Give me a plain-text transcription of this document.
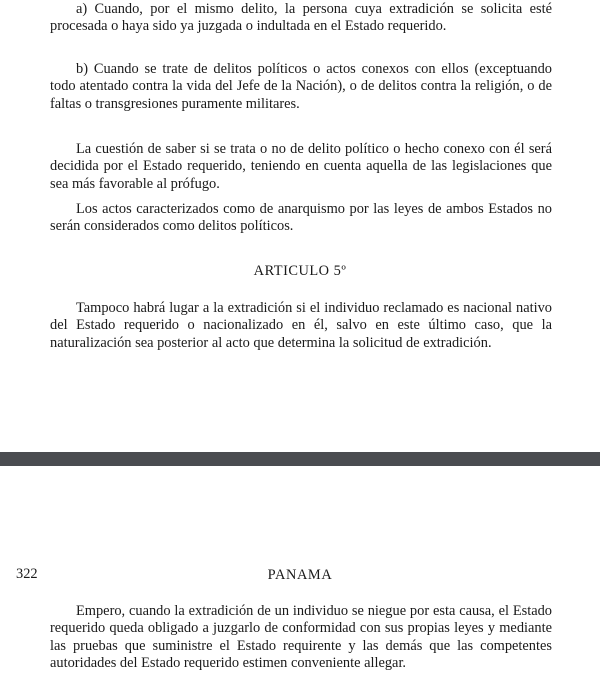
a) Cuando, por el mismo delito, la persona cuya extradición se solicita esté procesada o haya sido ya juzgada o indultada en el Estado requerido.

b) Cuando se trate de delitos políticos o actos conexos con ellos (exceptuando todo atentado contra la vida del Jefe de la Nación), o de delitos contra la religión, o de faltas o transgresiones puramente militares.

La cuestión de saber si se trata o no de delito político o hecho conexo con él será decidida por el Estado requerido, teniendo en cuenta aquella de las legislaciones que sea más favorable al prófugo.

Los actos caracterizados como de anarquismo por las leyes de ambos Estados no serán considerados como delitos políticos.

ARTICULO 5º

Tampoco habrá lugar a la extradición si el individuo reclamado es nacional nativo del Estado requerido o nacionalizado en él, salvo en este último caso, que la naturalización sea posterior al acto que determina la solicitud de extradición.

322	PANAMA

Empero, cuando la extradición de un individuo se niegue por esta causa, el Estado requerido queda obligado a juzgarlo de conformidad con sus propias leyes y mediante las pruebas que suministre el Estado requirente y las demás que las competentes autoridades del Estado requerido estimen conveniente allegar.
